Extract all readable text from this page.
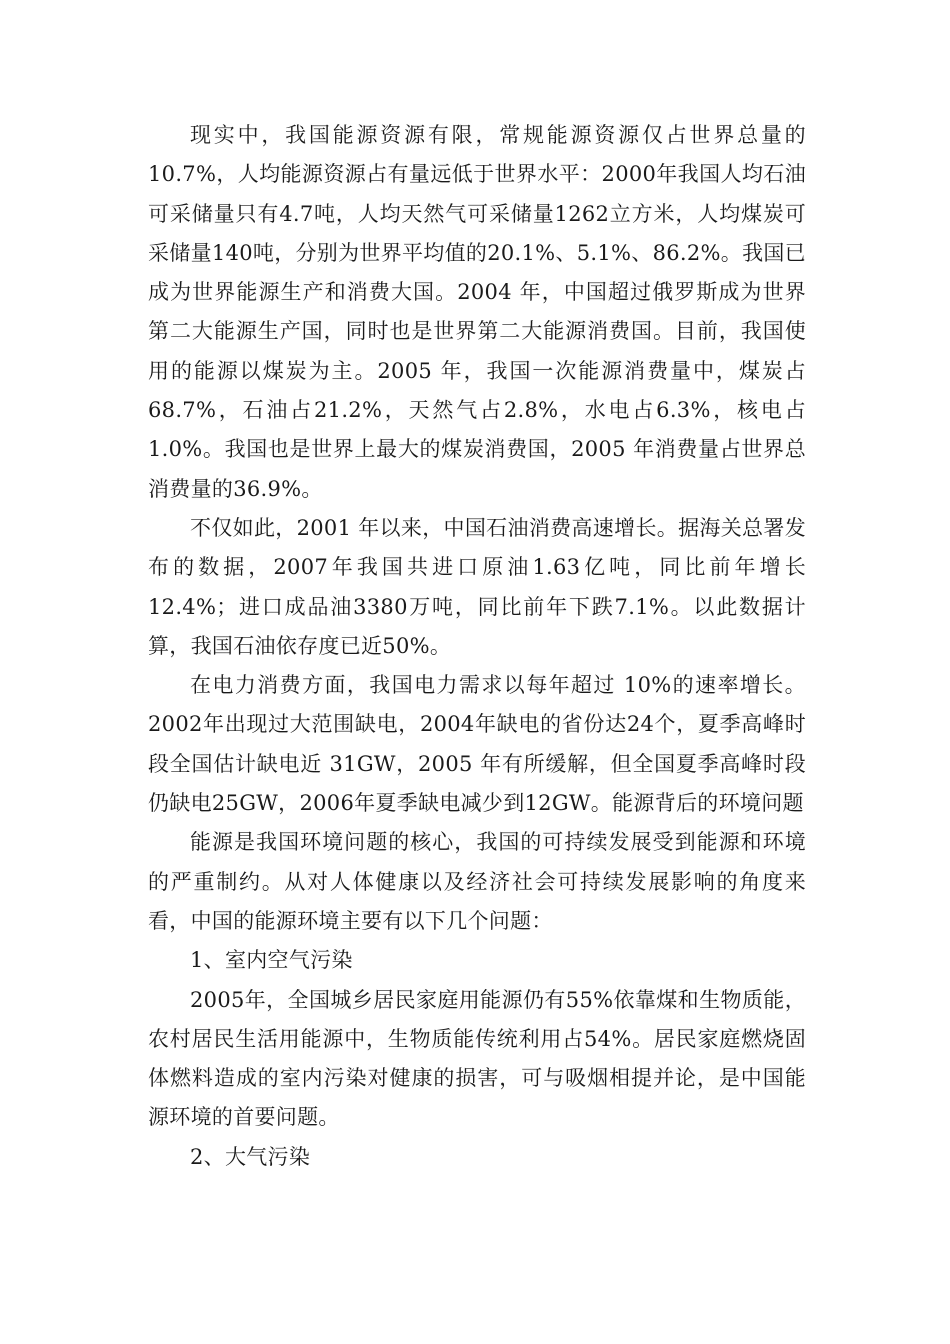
现实中，我国能源资源有限，常规能源资源仅占世界总量的10.7%，人均能源资源占有量远低于世界水平：2000年我国人均石油可采储量只有4.7吨，人均天然气可采储量1262立方米，人均煤炭可采储量140吨，分别为世界平均值的20.1%、5.1%、86.2%。我国已成为世界能源生产和消费大国。2004 年，中国超过俄罗斯成为世界第二大能源生产国，同时也是世界第二大能源消费国。目前，我国使用的能源以煤炭为主。2005 年，我国一次能源消费量中，煤炭占68.7%，石油占21.2%，天然气占2.8%，水电占6.3%，核电占1.0%。我国也是世界上最大的煤炭消费国，2005 年消费量占世界总消费量的36.9%。

不仅如此，2001 年以来，中国石油消费高速增长。据海关总署发布的数据，2007年我国共进口原油1.63亿吨，同比前年增长12.4%；进口成品油3380万吨，同比前年下跌7.1%。以此数据计算，我国石油依存度已近50%。

在电力消费方面，我国电力需求以每年超过 10%的速率增长。2002年出现过大范围缺电，2004年缺电的省份达24个，夏季高峰时段全国估计缺电近 31GW，2005 年有所缓解，但全国夏季高峰时段仍缺电25GW，2006年夏季缺电减少到12GW。能源背后的环境问题

能源是我国环境问题的核心，我国的可持续发展受到能源和环境的严重制约。从对人体健康以及经济社会可持续发展影响的角度来看，中国的能源环境主要有以下几个问题：

1、室内空气污染

2005年，全国城乡居民家庭用能源仍有55%依靠煤和生物质能，农村居民生活用能源中，生物质能传统利用占54%。居民家庭燃烧固体燃料造成的室内污染对健康的损害，可与吸烟相提并论，是中国能源环境的首要问题。

2、大气污染
